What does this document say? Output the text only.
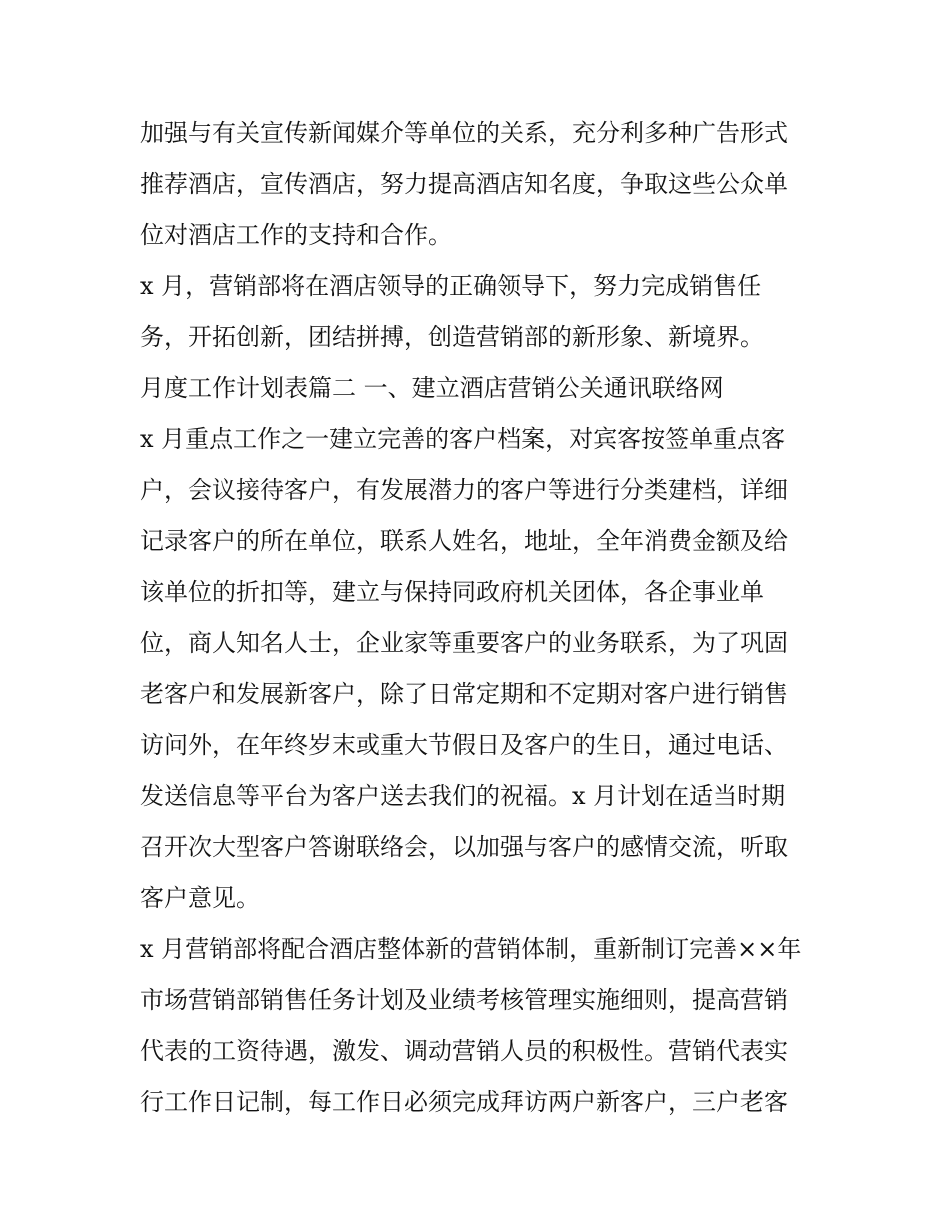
加强与有关宣传新闻媒介等单位的关系，充分利多种广告形式
推荐酒店，宣传酒店，努力提高酒店知名度，争取这些公众单
位对酒店工作的支持和合作。
x 月，营销部将在酒店领导的正确领导下，努力完成销售任
务，开拓创新，团结拼搏，创造营销部的新形象、新境界。
月度工作计划表篇二 一、建立酒店营销公关通讯联络网
x 月重点工作之一建立完善的客户档案，对宾客按签单重点客
户，会议接待客户，有发展潜力的客户等进行分类建档，详细
记录客户的所在单位，联系人姓名，地址，全年消费金额及给
该单位的折扣等，建立与保持同政府机关团体，各企事业单
位，商人知名人士，企业家等重要客户的业务联系，为了巩固
老客户和发展新客户，除了日常定期和不定期对客户进行销售
访问外，在年终岁末或重大节假日及客户的生日，通过电话、
发送信息等平台为客户送去我们的祝福。x 月计划在适当时期
召开次大型客户答谢联络会，以加强与客户的感情交流，听取
客户意见。
x 月营销部将配合酒店整体新的营销体制，重新制订完善××年
市场营销部销售任务计划及业绩考核管理实施细则，提高营销
代表的工资待遇，激发、调动营销人员的积极性。营销代表实
行工作日记制，每工作日必须完成拜访两户新客户，三户老客
